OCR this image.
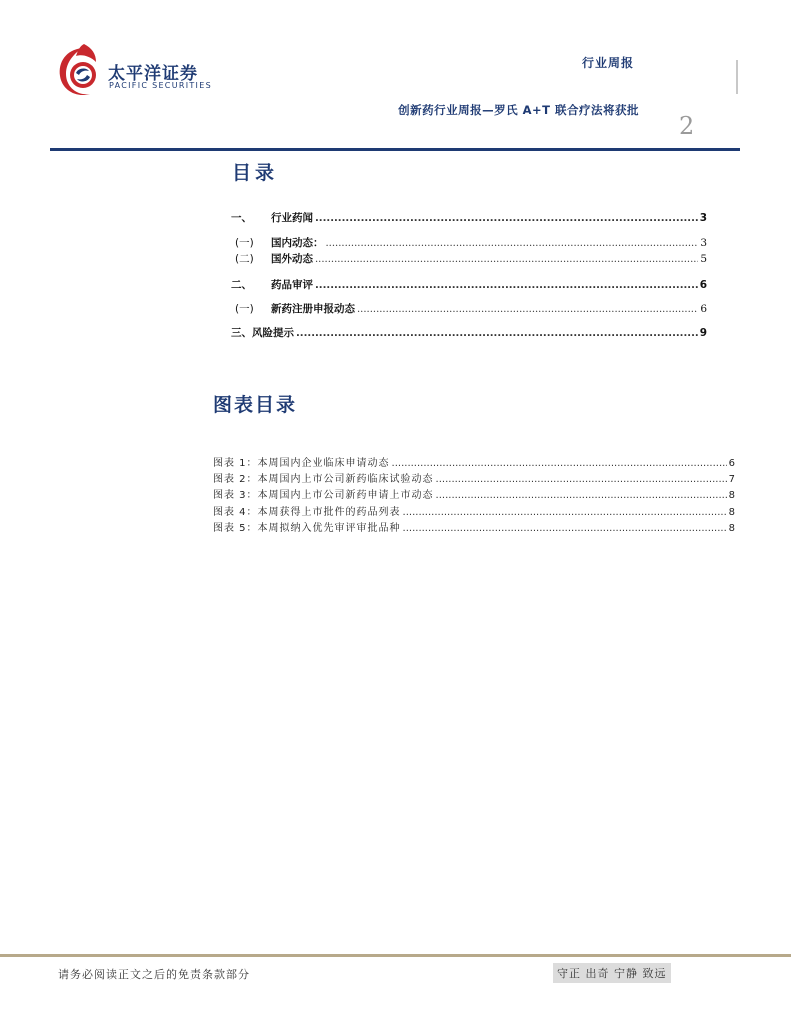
太平洋证券
PACIFIC SECURITIES
行业周报
创新药行业周报—罗氏 A+T 联合疗法将获批
2
目录
一、	行业药闻 .....	3
(一)	国内动态： .....	3
(二)	国外动态 .....	5
二、	药品审评 .....	6
(一)	新药注册申报动态 .....	6
三、风险提示 .....	9
图表目录
图表 1：本周国内企业临床申请动态 .....	6
图表 2：本周国内上市公司新药临床试验动态 .....	7
图表 3：本周国内上市公司新药申请上市动态 .....	8
图表 4：本周获得上市批件的药品列表 .....	8
图表 5：本周拟纳入优先审评审批品种 .....	8
请务必阅读正文之后的免责条款部分	守正 出奇 宁静 致远
